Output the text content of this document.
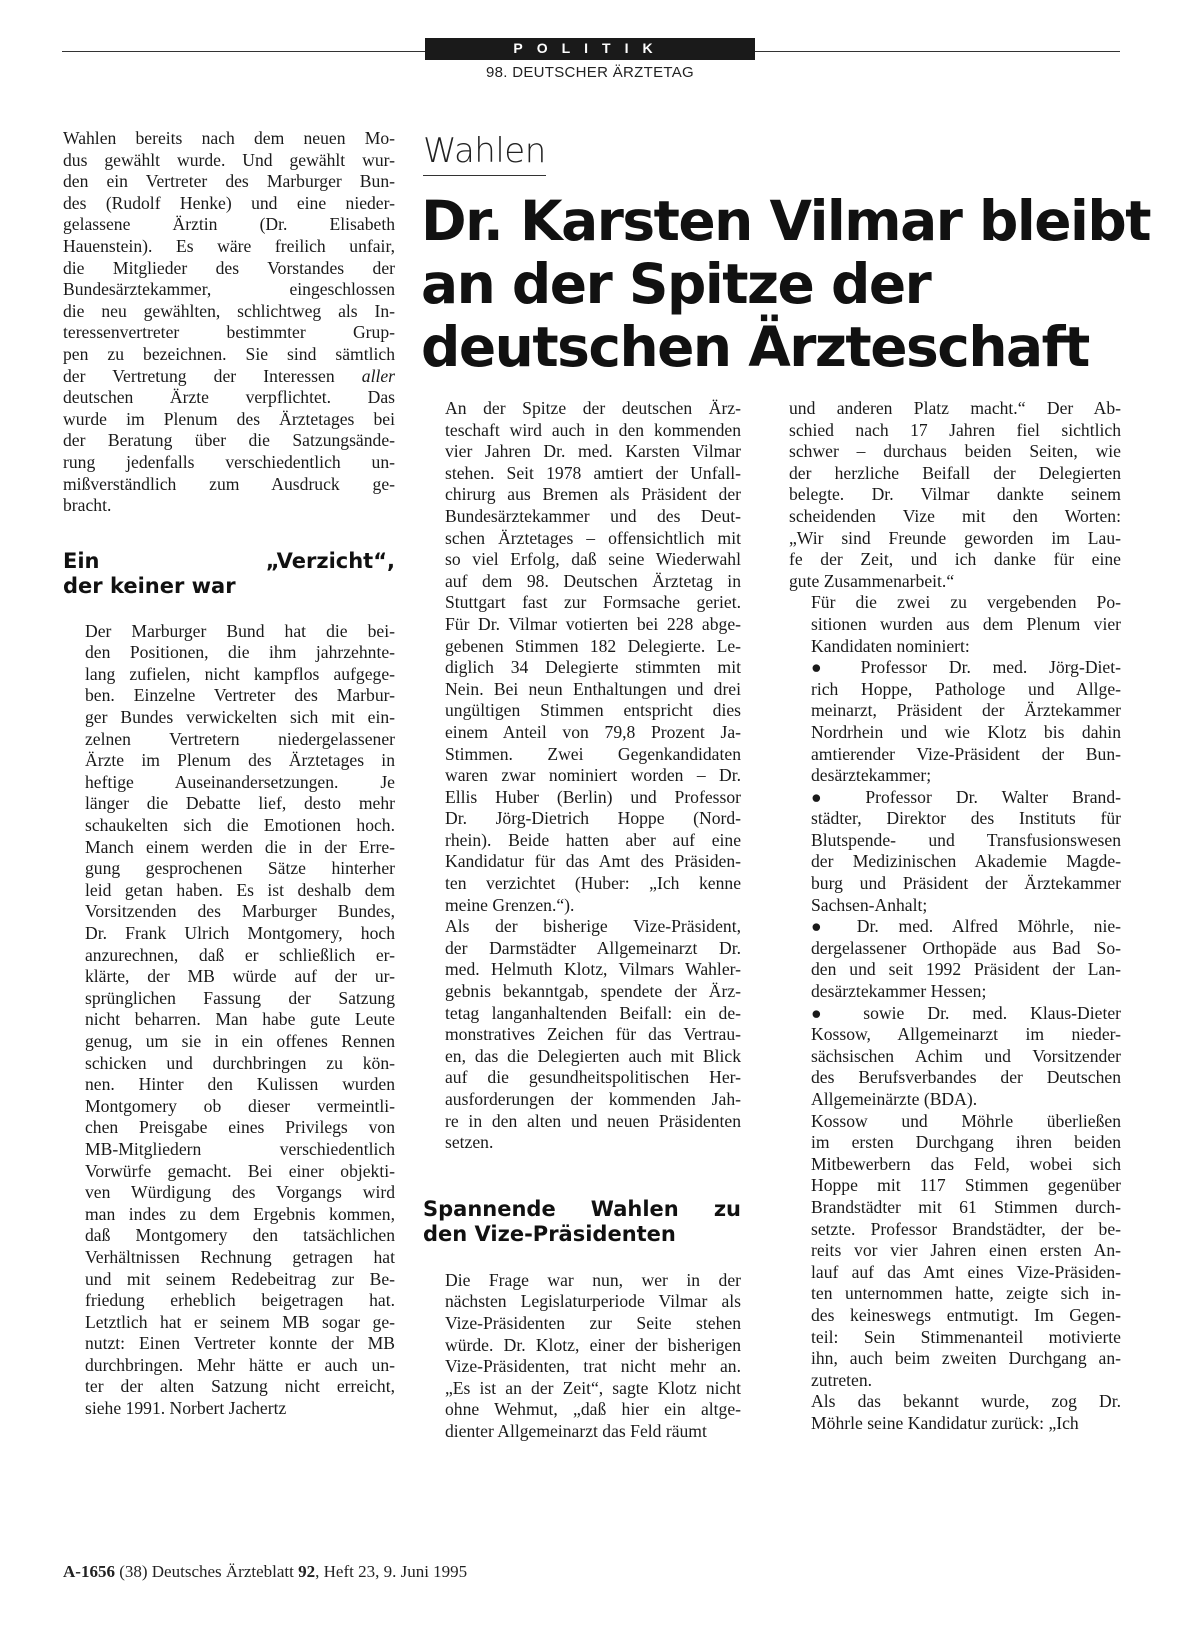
POLITIK
98. DEUTSCHER ÄRZTETAG
Wahlen
Dr. Karsten Vilmar bleibt
an der Spitze der
deutschen Ärzteschaft

Wahlen bereits nach dem neuen Mo-
dus gewählt wurde. Und gewählt wur-
den ein Vertreter des Marburger Bun-
des (Rudolf Henke) und eine nieder-
gelassene Ärztin (Dr. Elisabeth
Hauenstein). Es wäre freilich unfair,
die Mitglieder des Vorstandes der
Bundesärztekammer, eingeschlossen
die neu gewählten, schlichtweg als In-
teressenvertreter bestimmter Grup-
pen zu bezeichnen. Sie sind sämtlich
der Vertretung der Interessen aller
deutschen Ärzte verpflichtet. Das
wurde im Plenum des Ärztetages bei
der Beratung über die Satzungsände-
rung jedenfalls verschiedentlich un-
mißverständlich zum Ausdruck ge-
bracht.

Ein „Verzicht“,
der keiner war

Der Marburger Bund hat die bei-
den Positionen, die ihm jahrzehnte-
lang zufielen, nicht kampflos aufgege-
ben. Einzelne Vertreter des Marbur-
ger Bundes verwickelten sich mit ein-
zelnen Vertretern niedergelassener
Ärzte im Plenum des Ärztetages in
heftige Auseinandersetzungen. Je
länger die Debatte lief, desto mehr
schaukelten sich die Emotionen hoch.
Manch einem werden die in der Erre-
gung gesprochenen Sätze hinterher
leid getan haben. Es ist deshalb dem
Vorsitzenden des Marburger Bundes,
Dr. Frank Ulrich Montgomery, hoch
anzurechnen, daß er schließlich er-
klärte, der MB würde auf der ur-
sprünglichen Fassung der Satzung
nicht beharren. Man habe gute Leute
genug, um sie in ein offenes Rennen
schicken und durchbringen zu kön-
nen. Hinter den Kulissen wurden
Montgomery ob dieser vermeintli-
chen Preisgabe eines Privilegs von
MB-Mitgliedern verschiedentlich
Vorwürfe gemacht. Bei einer objekti-
ven Würdigung des Vorgangs wird
man indes zu dem Ergebnis kommen,
daß Montgomery den tatsächlichen
Verhältnissen Rechnung getragen hat
und mit seinem Redebeitrag zur Be-
friedung erheblich beigetragen hat.
Letztlich hat er seinem MB sogar ge-
nutzt: Einen Vertreter konnte der MB
durchbringen. Mehr hätte er auch un-
ter der alten Satzung nicht erreicht,
siehe 1991. Norbert Jachertz

An der Spitze der deutschen Ärz-
teschaft wird auch in den kommenden
vier Jahren Dr. med. Karsten Vilmar
stehen. Seit 1978 amtiert der Unfall-
chirurg aus Bremen als Präsident der
Bundesärztekammer und des Deut-
schen Ärztetages – offensichtlich mit
so viel Erfolg, daß seine Wiederwahl
auf dem 98. Deutschen Ärztetag in
Stuttgart fast zur Formsache geriet.
Für Dr. Vilmar votierten bei 228 abge-
gebenen Stimmen 182 Delegierte. Le-
diglich 34 Delegierte stimmten mit
Nein. Bei neun Enthaltungen und drei
ungültigen Stimmen entspricht dies
einem Anteil von 79,8 Prozent Ja-
Stimmen. Zwei Gegenkandidaten
waren zwar nominiert worden – Dr.
Ellis Huber (Berlin) und Professor
Dr. Jörg-Dietrich Hoppe (Nord-
rhein). Beide hatten aber auf eine
Kandidatur für das Amt des Präsiden-
ten verzichtet (Huber: „Ich kenne
meine Grenzen.“).

Als der bisherige Vize-Präsident,
der Darmstädter Allgemeinarzt Dr.
med. Helmuth Klotz, Vilmars Wahler-
gebnis bekanntgab, spendete der Ärz-
tetag langanhaltenden Beifall: ein de-
monstratives Zeichen für das Vertrau-
en, das die Delegierten auch mit Blick
auf die gesundheitspolitischen Her-
ausforderungen der kommenden Jah-
re in den alten und neuen Präsidenten
setzen.

Spannende Wahlen zu
den Vize-Präsidenten

Die Frage war nun, wer in der
nächsten Legislaturperiode Vilmar als
Vize-Präsidenten zur Seite stehen
würde. Dr. Klotz, einer der bisherigen
Vize-Präsidenten, trat nicht mehr an.
„Es ist an der Zeit“, sagte Klotz nicht
ohne Wehmut, „daß hier ein altge-
dienter Allgemeinarzt das Feld räumt

und anderen Platz macht.“ Der Ab-
schied nach 17 Jahren fiel sichtlich
schwer – durchaus beiden Seiten, wie
der herzliche Beifall der Delegierten
belegte. Dr. Vilmar dankte seinem
scheidenden Vize mit den Worten:
„Wir sind Freunde geworden im Lau-
fe der Zeit, und ich danke für eine
gute Zusammenarbeit.“

Für die zwei zu vergebenden Po-
sitionen wurden aus dem Plenum vier
Kandidaten nominiert:

● Professor Dr. med. Jörg-Diet-
rich Hoppe, Pathologe und Allge-
meinarzt, Präsident der Ärztekammer
Nordrhein und wie Klotz bis dahin
amtierender Vize-Präsident der Bun-
desärztekammer;

● Professor Dr. Walter Brand-
städter, Direktor des Instituts für
Blutspende- und Transfusionswesen
der Medizinischen Akademie Magde-
burg und Präsident der Ärztekammer
Sachsen-Anhalt;

● Dr. med. Alfred Möhrle, nie-
dergelassener Orthopäde aus Bad So-
den und seit 1992 Präsident der Lan-
desärztekammer Hessen;

● sowie Dr. med. Klaus-Dieter
Kossow, Allgemeinarzt im nieder-
sächsischen Achim und Vorsitzender
des Berufsverbandes der Deutschen
Allgemeinärzte (BDA).

Kossow und Möhrle überließen
im ersten Durchgang ihren beiden
Mitbewerbern das Feld, wobei sich
Hoppe mit 117 Stimmen gegenüber
Brandstädter mit 61 Stimmen durch-
setzte. Professor Brandstädter, der be-
reits vor vier Jahren einen ersten An-
lauf auf das Amt eines Vize-Präsiden-
ten unternommen hatte, zeigte sich in-
des keineswegs entmutigt. Im Gegen-
teil: Sein Stimmenanteil motivierte
ihn, auch beim zweiten Durchgang an-
zutreten.

Als das bekannt wurde, zog Dr.
Möhrle seine Kandidatur zurück: „Ich

A-1656 (38) Deutsches Ärzteblatt 92, Heft 23, 9. Juni 1995
